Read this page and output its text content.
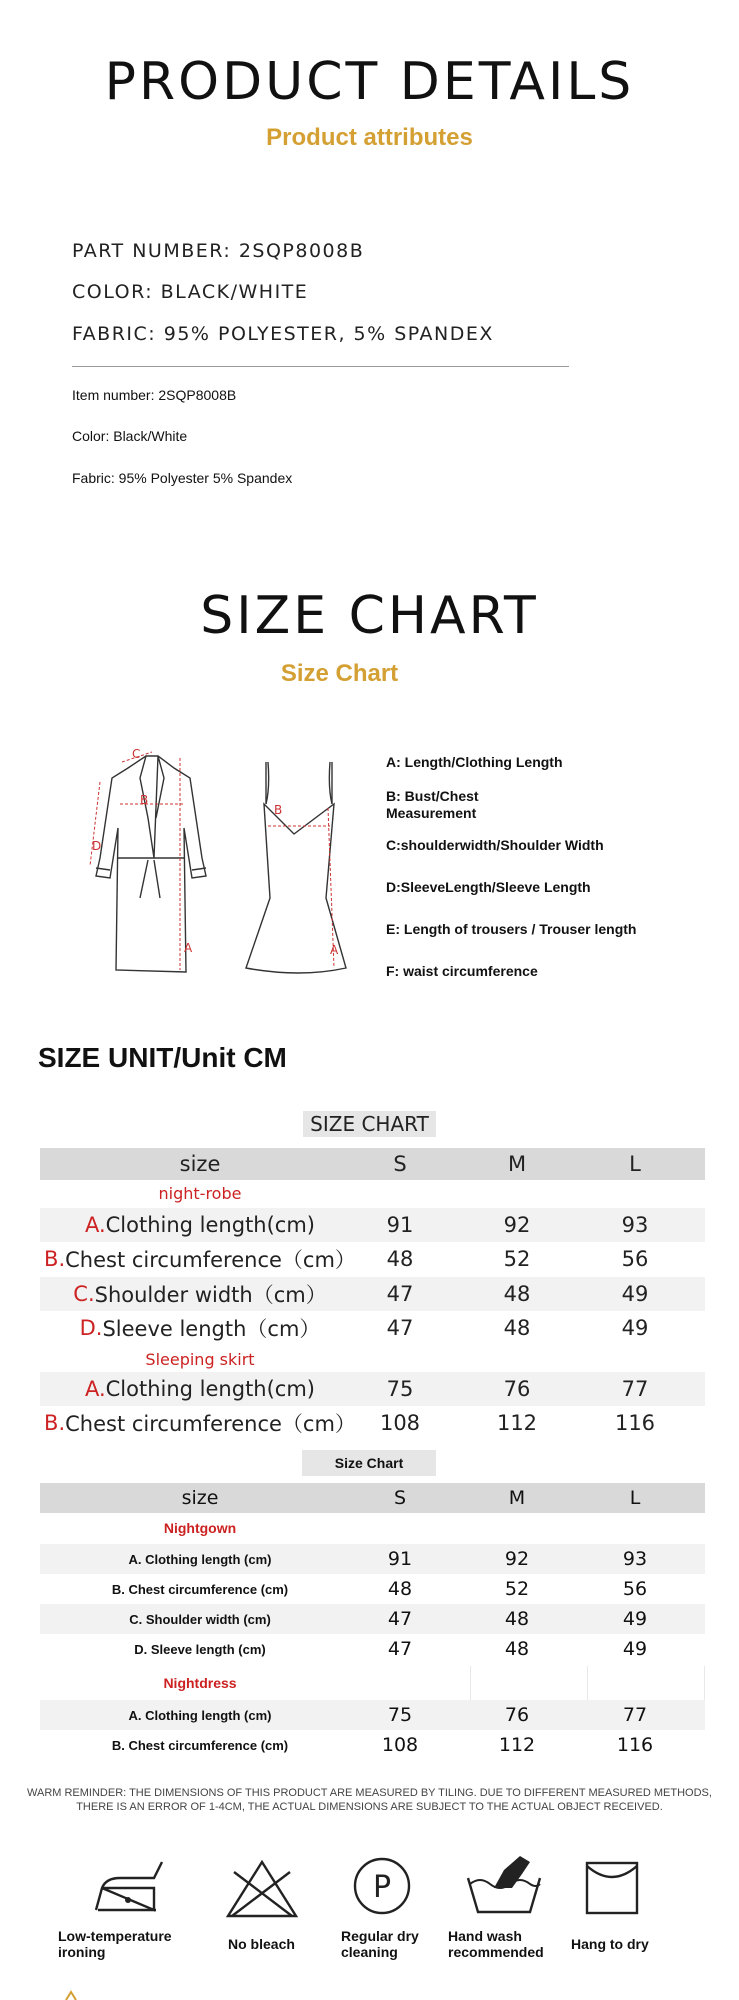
PRODUCT DETAILS
Product attributes
PART NUMBER: 2SQP8008B
COLOR: BLACK/WHITE
FABRIC: 95% POLYESTER, 5% SPANDEX
Item number: 2SQP8008B
Color: Black/White
Fabric: 95% Polyester 5% Spandex
SIZE CHART
Size Chart
C
B
D
A
B
A
A: Length/Clothing Length
B: Bust/Chest
Measurement
C:shoulderwidth/Shoulder Width
D:SleeveLength/Sleeve Length
E: Length of trousers / Trouser length
F: waist circumference
SIZE UNIT/Unit CM
SIZE CHART
size	S	M	L
night-robe
A. Clothing length(cm)	91	92	93
B. Chest circumference（cm）	48	52	56
C. Shoulder width（cm）	47	48	49
D. Sleeve length（cm）	47	48	49
Sleeping skirt
A. Clothing length(cm)	75	76	77
B. Chest circumference（cm）	108	112	116
Size Chart
size	S	M	L
Nightgown
A. Clothing length (cm)	91	92	93
B. Chest circumference (cm)	48	52	56
C. Shoulder width (cm)	47	48	49
D. Sleeve length (cm)	47	48	49
Nightdress
A. Clothing length (cm)	75	76	77
B. Chest circumference (cm)	108	112	116
WARM REMINDER: THE DIMENSIONS OF THIS PRODUCT ARE MEASURED BY TILING. DUE TO DIFFERENT MEASURED METHODS, THERE IS AN ERROR OF 1-4CM, THE ACTUAL DIMENSIONS ARE SUBJECT TO THE ACTUAL OBJECT RECEIVED.
P
Low-temperature ironing	No bleach	Regular dry cleaning
Hand wash recommended	Hang to dry
